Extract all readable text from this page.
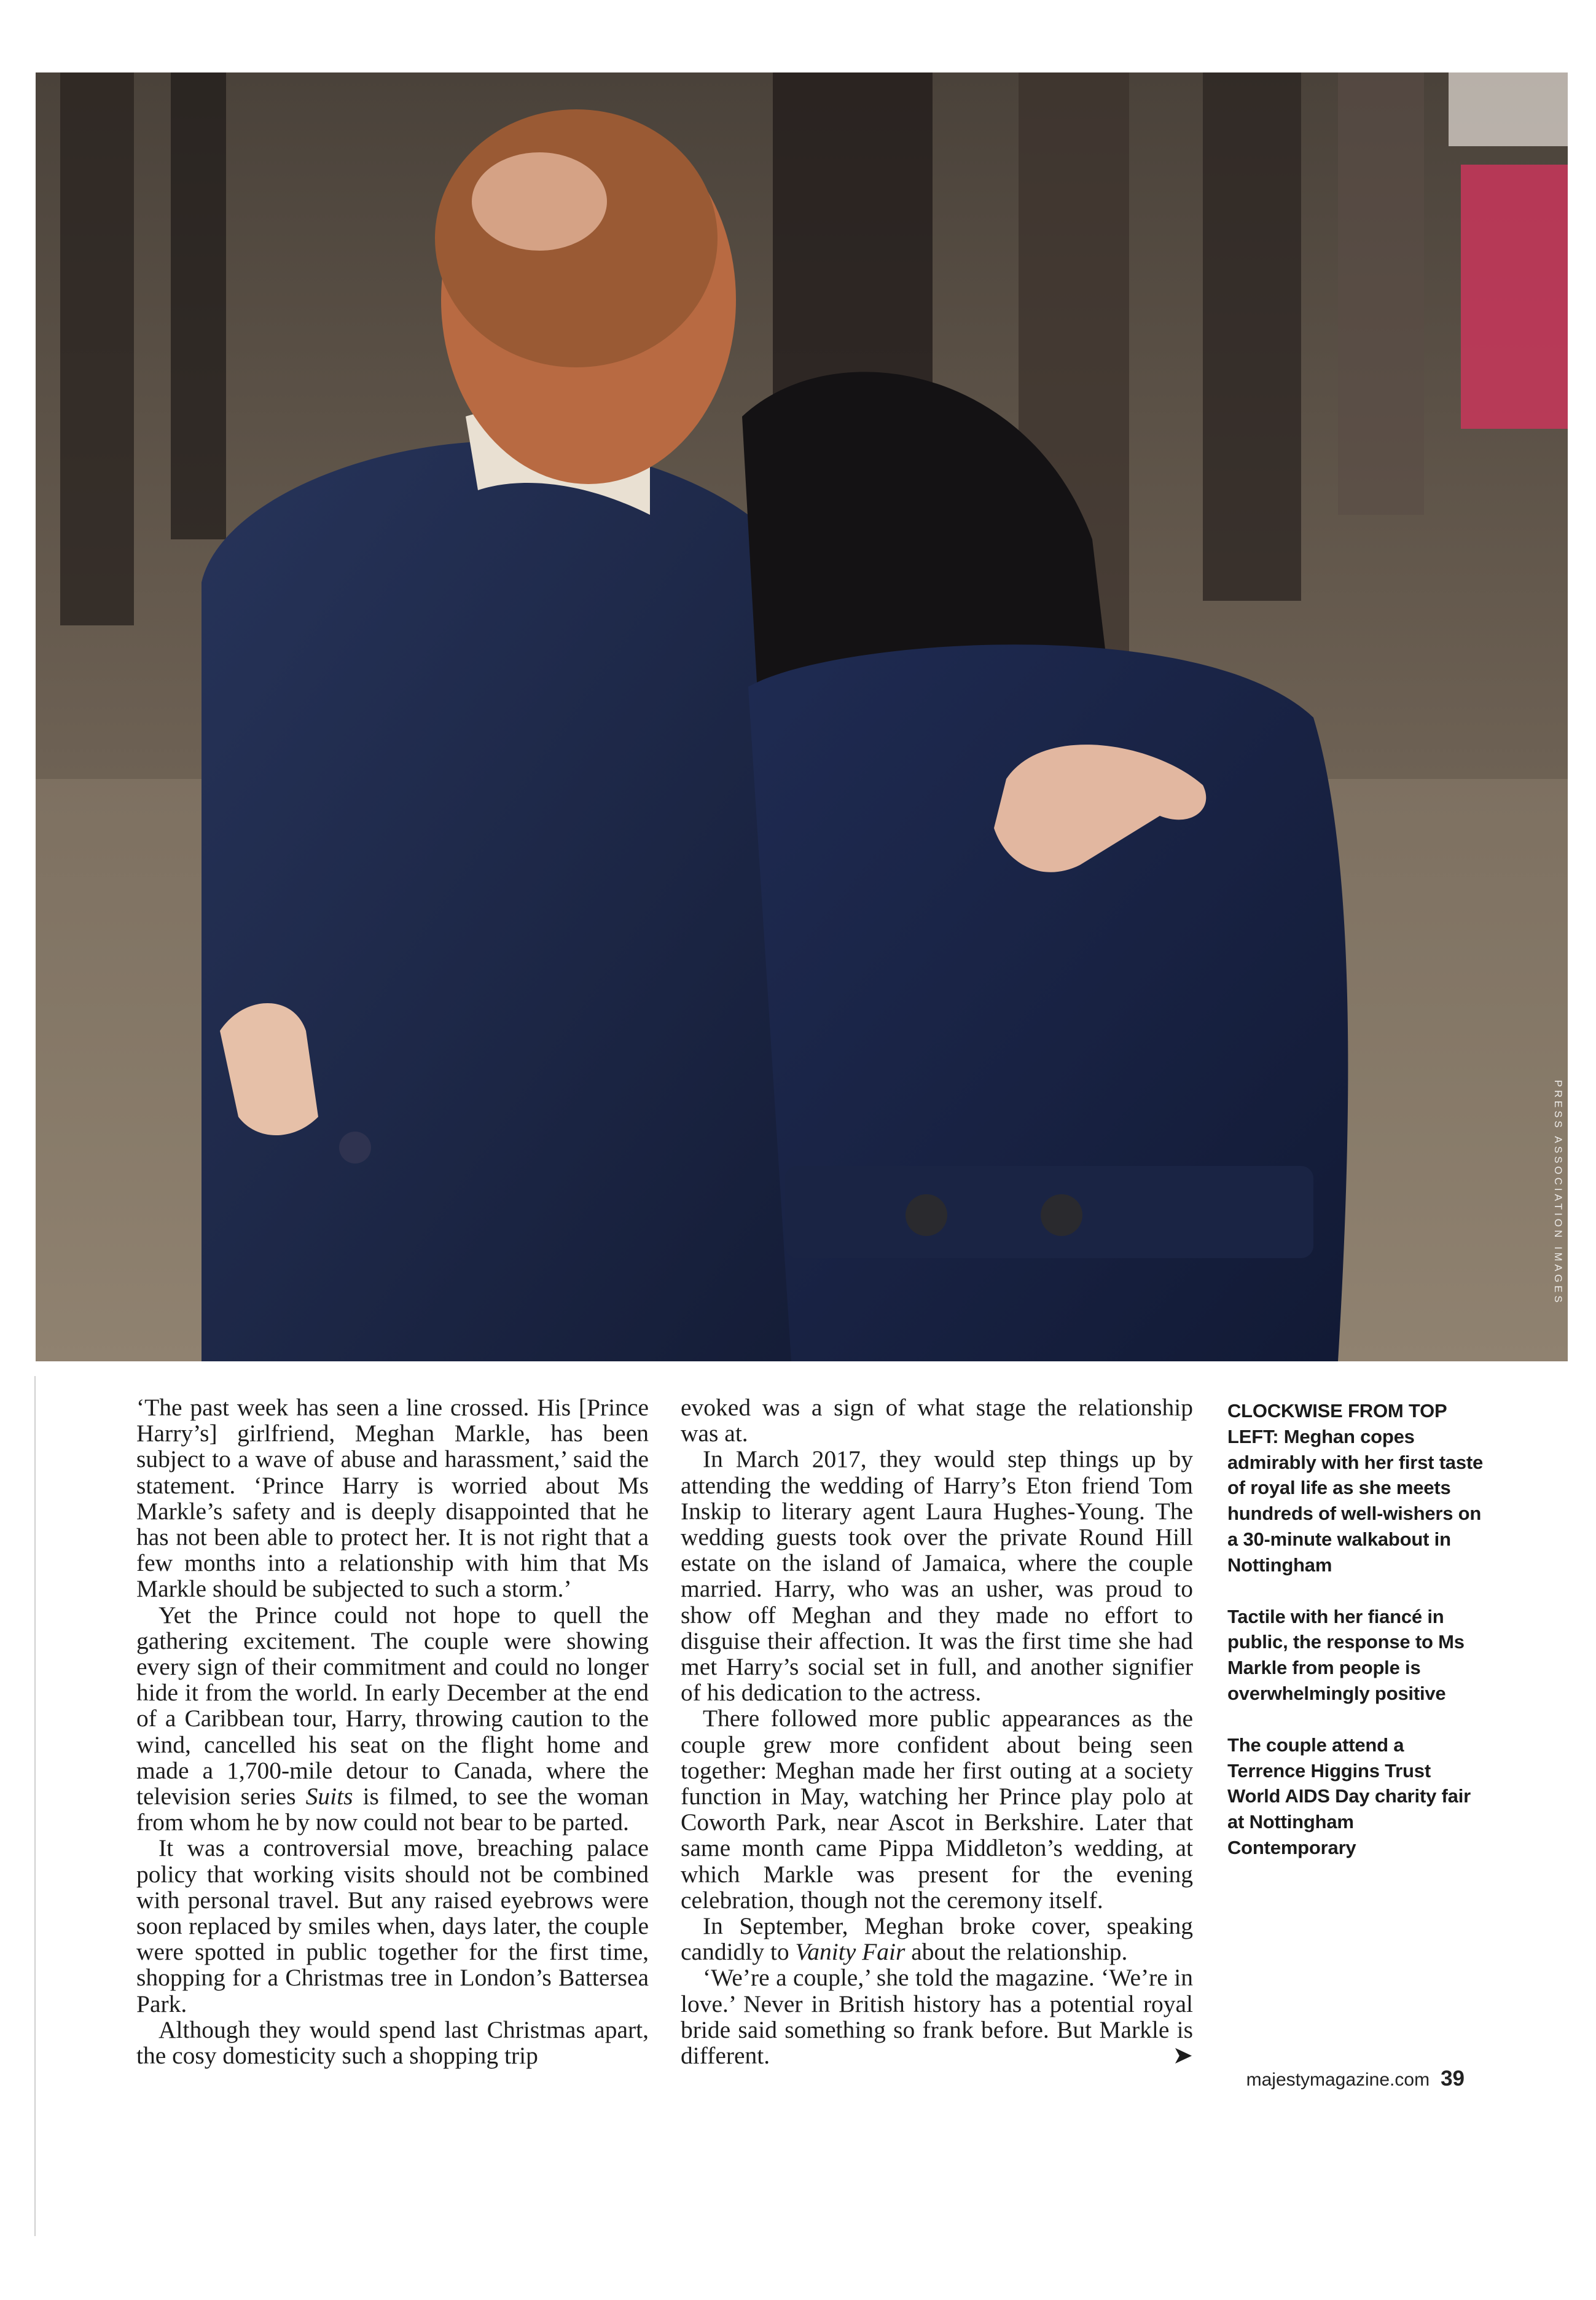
PRESS ASSOCIATION IMAGES

‘The past week has seen a line crossed. His [Prince Harry’s] girlfriend, Meghan Markle, has been subject to a wave of abuse and harassment,’ said the statement. ‘Prince Harry is worried about Ms Markle’s safety and is deeply disappointed that he has not been able to protect her. It is not right that a few months into a relationship with him that Ms Markle should be subjected to such a storm.’

Yet the Prince could not hope to quell the gathering excitement. The couple were showing every sign of their commitment and could no longer hide it from the world. In early December at the end of a Caribbean tour, Harry, throwing caution to the wind, cancelled his seat on the flight home and made a 1,700-mile detour to Canada, where the television series Suits is filmed, to see the woman from whom he by now could not bear to be parted.

It was a controversial move, breaching palace policy that working visits should not be combined with personal travel. But any raised eyebrows were soon replaced by smiles when, days later, the couple were spotted in public together for the first time, shopping for a Christmas tree in London’s Battersea Park.

Although they would spend last Christmas apart, the cosy domesticity such a shopping trip

evoked was a sign of what stage the relationship was at.

In March 2017, they would step things up by attending the wedding of Harry’s Eton friend Tom Inskip to literary agent Laura Hughes-Young. The wedding guests took over the private Round Hill estate on the island of Jamaica, where the couple married. Harry, who was an usher, was proud to show off Meghan and they made no effort to disguise their affection. It was the first time she had met Harry’s social set in full, and another signifier of his dedication to the actress.

There followed more public appearances as the couple grew more confident about being seen together: Meghan made her first outing at a society function in May, watching her Prince play polo at Coworth Park, near Ascot in Berkshire. Later that same month came Pippa Middleton’s wedding, at which Markle was present for the evening celebration, though not the ceremony itself.

In September, Meghan broke cover, speaking candidly to Vanity Fair about the relationship.

‘We’re a couple,’ she told the magazine. ‘We’re in love.’ Never in British history has a potential royal bride said something so frank before. But Markle is different.	➤

CLOCKWISE FROM TOP LEFT: Meghan copes admirably with her first taste of royal life as she meets hundreds of well-wishers on a 30-minute walkabout in Nottingham

Tactile with her fiancé in public, the response to Ms Markle from people is overwhelmingly positive

The couple attend a Terrence Higgins Trust World AIDS Day charity fair at Nottingham Contemporary

majestymagazine.com 39
